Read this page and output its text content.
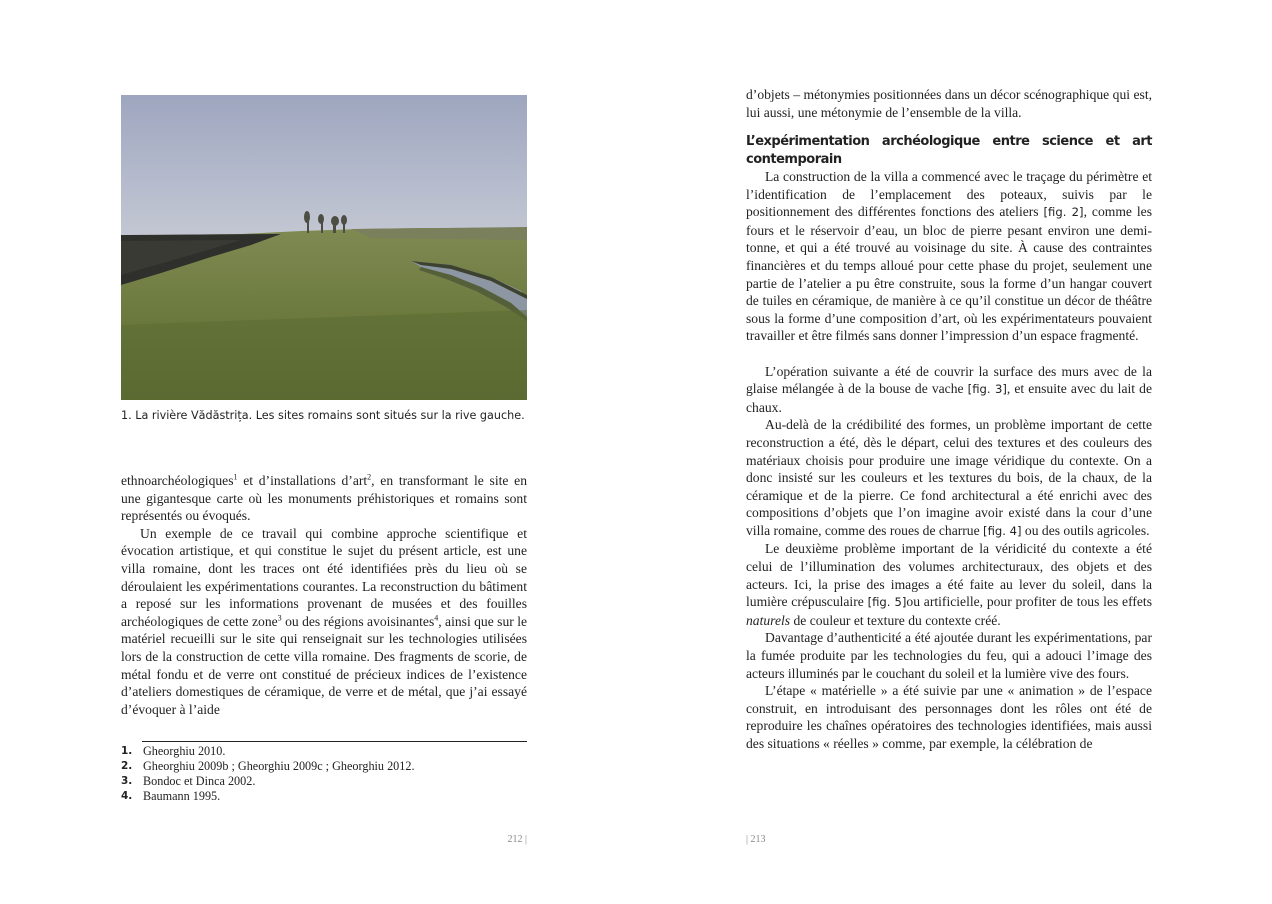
1. La rivière Vădăstrița. Les sites romains sont situés sur la rive gauche.

ethnoarchéologiques$^1$ et d’installations d’art$^2$, en transformant le site en une gigantesque carte où les monuments préhistoriques et romains sont représentés ou évoqués.

Un exemple de ce travail qui combine approche scientifique et évocation artistique, et qui constitue le sujet du présent article, est une villa romaine, dont les traces ont été identifiées près du lieu où se déroulaient les expérimentations courantes. La reconstruction du bâtiment a reposé sur les informations provenant de musées et des fouilles archéologiques de cette zone$^3$ ou des régions avoisinantes$^4$, ainsi que sur le matériel recueilli sur le site qui renseignait sur les technologies utilisées lors de la construction de cette villa romaine. Des fragments de scorie, de métal fondu et de verre ont constitué de précieux indices de l’existence d’ateliers domestiques de céramique, de verre et de métal, que j’ai essayé d’évoquer à l’aide

1. Gheorghiu 2010.
2. Gheorghiu 2009b ; Gheorghiu 2009c ; Gheorghiu 2012.
3. Bondoc et Dinca 2002.
4. Baumann 1995.
212 |

d’objets – métonymies positionnées dans un décor scénographique qui est, lui aussi, une métonymie de l’ensemble de la villa.

L’expérimentation archéologique entre science et art contemporain

La construction de la villa a commencé avec le traçage du périmètre et l’identification de l’emplacement des poteaux, suivis par le positionnement des différentes fonctions des ateliers [fig. 2], comme les fours et le réservoir d’eau, un bloc de pierre pesant environ une demi-tonne, et qui a été trouvé au voisinage du site. À cause des contraintes financières et du temps alloué pour cette phase du projet, seulement une partie de l’atelier a pu être construite, sous la forme d’un hangar couvert de tuiles en céramique, de manière à ce qu’il constitue un décor de théâtre sous la forme d’une composition d’art, où les expérimentateurs pouvaient travailler et être filmés sans donner l’impression d’un espace fragmenté.

L’opération suivante a été de couvrir la surface des murs avec de la glaise mélangée à de la bouse de vache [fig. 3], et ensuite avec du lait de chaux.

Au-delà de la crédibilité des formes, un problème important de cette reconstruction a été, dès le départ, celui des textures et des couleurs des matériaux choisis pour produire une image véridique du contexte. On a donc insisté sur les couleurs et les textures du bois, de la chaux, de la céramique et de la pierre. Ce fond architectural a été enrichi avec des compositions d’objets que l’on imagine avoir existé dans la cour d’une villa romaine, comme des roues de charrue [fig. 4] ou des outils agricoles.

Le deuxième problème important de la véridicité du contexte a été celui de l’illumination des volumes architecturaux, des objets et des acteurs. Ici, la prise des images a été faite au lever du soleil, dans la lumière crépusculaire [fig. 5]ou artificielle, pour profiter de tous les effets naturels de couleur et texture du contexte créé.

Davantage d’authenticité a été ajoutée durant les expérimentations, par la fumée produite par les technologies du feu, qui a adouci l’image des acteurs illuminés par le couchant du soleil et la lumière vive des fours.

L’étape « matérielle » a été suivie par une « animation » de l’espace construit, en introduisant des personnages dont les rôles ont été de reproduire les chaînes opératoires des technologies identifiées, mais aussi des situations « réelles » comme, par exemple, la célébration de

| 213
